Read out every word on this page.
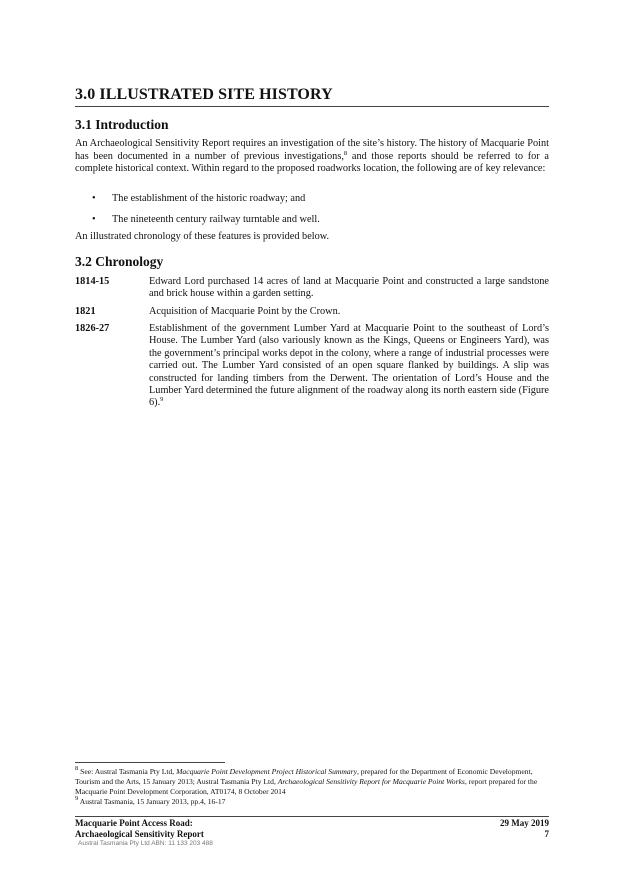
3.0 ILLUSTRATED SITE HISTORY
3.1 Introduction
An Archaeological Sensitivity Report requires an investigation of the site’s history. The history of Macquarie Point has been documented in a number of previous investigations,$^8$ and those reports should be referred to for a complete historical context. Within regard to the proposed roadworks location, the following are of key relevance:
• The establishment of the historic roadway; and
• The nineteenth century railway turntable and well.
An illustrated chronology of these features is provided below.
3.2 Chronology
1814-15	Edward Lord purchased 14 acres of land at Macquarie Point and constructed a large sandstone and brick house within a garden setting.
1821	Acquisition of Macquarie Point by the Crown.
1826-27	Establishment of the government Lumber Yard at Macquarie Point to the southeast of Lord’s House. The Lumber Yard (also variously known as the Kings, Queens or Engineers Yard), was the government’s principal works depot in the colony, where a range of industrial processes were carried out. The Lumber Yard consisted of an open square flanked by buildings. A slip was constructed for landing timbers from the Derwent. The orientation of Lord’s House and the Lumber Yard determined the future alignment of the roadway along its north eastern side (Figure 6).$^9$
$^8$ See: Austral Tasmania Pty Ltd, Macquarie Point Development Project Historical Summary, prepared for the Department of Economic Development, Tourism and the Arts, 15 January 2013; Austral Tasmania Pty Ltd, Archaeological Sensitivity Report for Macquarie Point Works, report prepared for the Macquarie Point Development Corporation, AT0174, 8 October 2014
$^9$ Austral Tasmania, 15 January 2013, pp.4, 16-17
Macquarie Point Access Road:
Archaeological Sensitivity Report
29 May 2019
7
Austral Tasmania Pty Ltd ABN: 11 133 203 488
